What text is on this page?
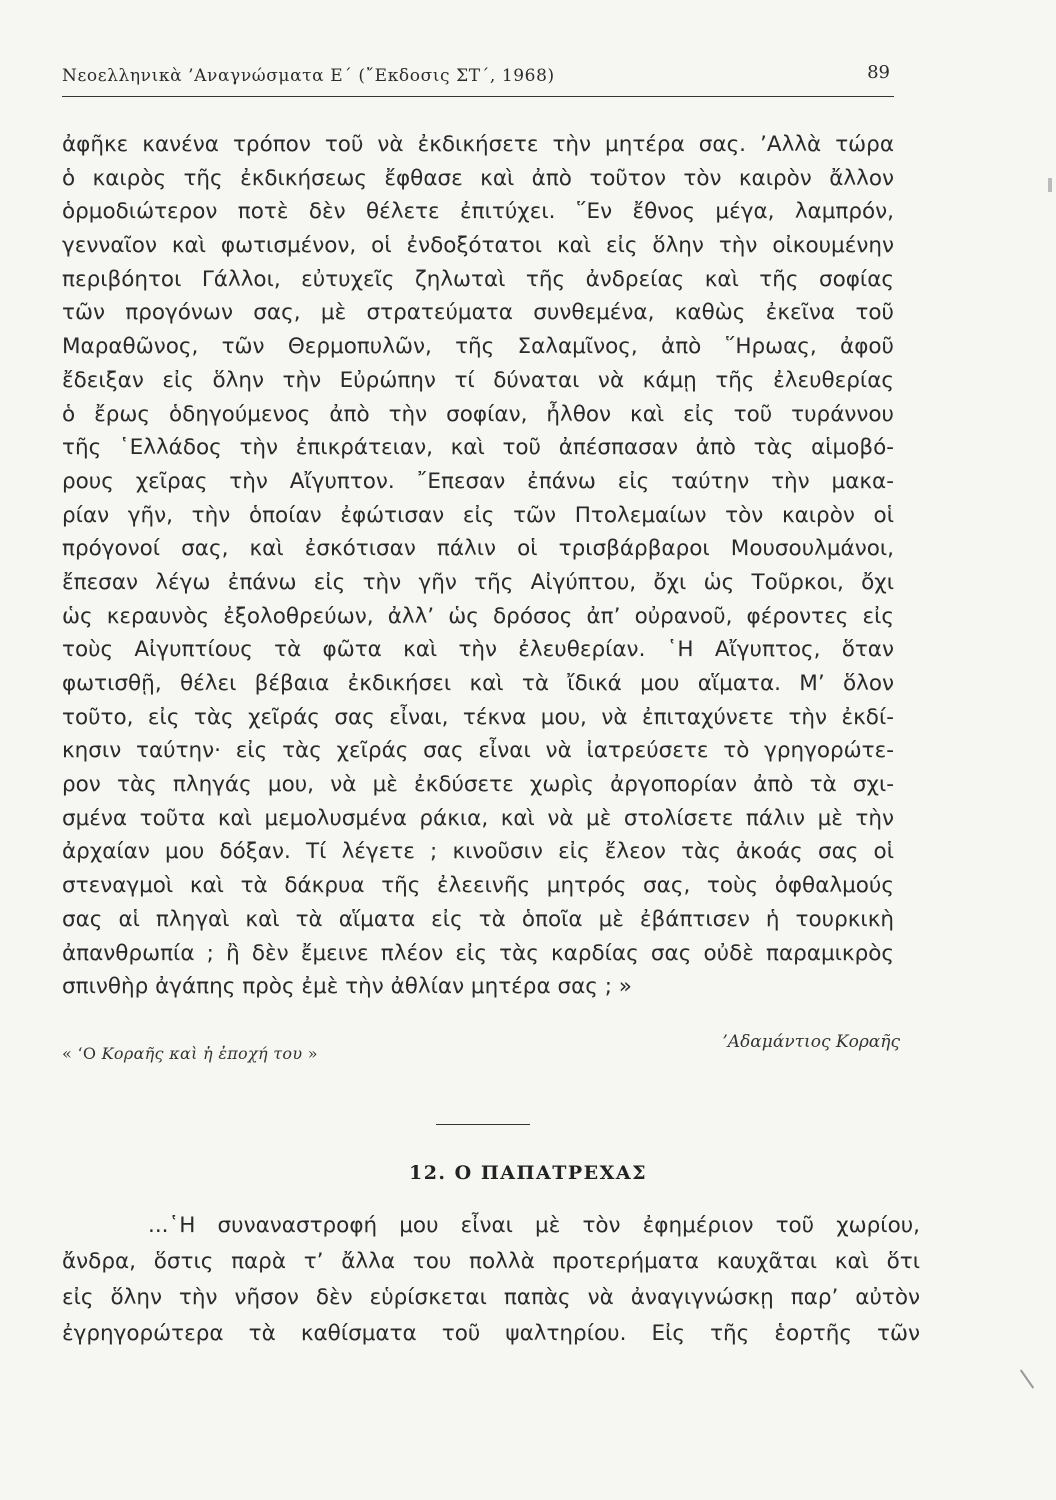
Νεοελληνικὰ ’Αναγνώσματα Ε΄ (῎Εκδοσις ΣΤ΄, 1968)	89
ἀφῆκε κανένα τρόπον τοῦ νὰ ἐκδικήσετε τὴν μητέρα σας. ’Αλλὰ τώρα
ὁ καιρὸς τῆς ἐκδικήσεως ἔφθασε καὶ ἀπὸ τοῦτον τὸν καιρὸν ἄλλον
ὁρμοδιώτερον ποτὲ δὲν θέλετε ἐπιτύχει. ῞Εν ἔθνος μέγα, λαμπρόν,
γενναῖον καὶ φωτισμένον, οἱ ἐνδοξότατοι καὶ εἰς ὅλην τὴν οἰκουμένην
περιβόητοι Γάλλοι, εὐτυχεῖς ζηλωταὶ τῆς ἀνδρείας καὶ τῆς σοφίας
τῶν προγόνων σας, μὲ στρατεύματα συνθεμένα, καθὼς ἐκεῖνα τοῦ
Μαραθῶνος, τῶν Θερμοπυλῶν, τῆς Σαλαμῖνος, ἀπὸ ῞Ηρωας, ἀφοῦ
ἔδειξαν εἰς ὅλην τὴν Εὐρώπην τί δύναται νὰ κάμῃ τῆς ἐλευθερίας
ὁ ἔρως ὁδηγούμενος ἀπὸ τὴν σοφίαν, ἦλθον καὶ εἰς τοῦ τυράννου
τῆς ῾Ελλάδος τὴν ἐπικράτειαν, καὶ τοῦ ἀπέσπασαν ἀπὸ τὰς αἱμοβό-
ρους χεῖρας τὴν Αἴγυπτον. ῎Επεσαν ἐπάνω εἰς ταύτην τὴν μακα-
ρίαν γῆν, τὴν ὁποίαν ἐφώτισαν εἰς τῶν Πτολεμαίων τὸν καιρὸν οἱ
πρόγονοί σας, καὶ ἐσκότισαν πάλιν οἱ τρισβάρβαροι Μουσουλμάνοι,
ἔπεσαν λέγω ἐπάνω εἰς τὴν γῆν τῆς Αἰγύπτου, ὄχι ὡς Τοῦρκοι, ὄχι
ὡς κεραυνὸς ἐξολοθρεύων, ἀλλ’ ὡς δρόσος ἀπ’ οὐρανοῦ, φέροντες εἰς
τοὺς Αἰγυπτίους τὰ φῶτα καὶ τὴν ἐλευθερίαν. ῾Η Αἴγυπτος, ὅταν
φωτισθῇ, θέλει βέβαια ἐκδικήσει καὶ τὰ ἴδικά μου αἵματα. Μ’ ὅλον
τοῦτο, εἰς τὰς χεῖράς σας εἶναι, τέκνα μου, νὰ ἐπιταχύνετε τὴν ἐκδί-
κησιν ταύτην· εἰς τὰς χεῖράς σας εἶναι νὰ ἰατρεύσετε τὸ γρηγορώτε-
ρον τὰς πληγάς μου, νὰ μὲ ἐκδύσετε χωρὶς ἀργοπορίαν ἀπὸ τὰ σχι-
σμένα τοῦτα καὶ μεμολυσμένα ράκια, καὶ νὰ μὲ στολίσετε πάλιν μὲ τὴν
ἀρχαίαν μου δόξαν. Τί λέγετε ; κινοῦσιν εἰς ἔλεον τὰς ἀκοάς σας οἱ
στεναγμοὶ καὶ τὰ δάκρυα τῆς ἐλεεινῆς μητρός σας, τοὺς ὀφθαλμούς
σας αἱ πληγαὶ καὶ τὰ αἵματα εἰς τὰ ὁποῖα μὲ ἐβάπτισεν ἡ τουρκικὴ
ἀπανθρωπία ; ἢ δὲν ἔμεινε πλέον εἰς τὰς καρδίας σας οὐδὲ παραμικρὸς
σπινθὴρ ἀγάπης πρὸς ἐμὲ τὴν ἀθλίαν μητέρα σας ; »
« ‘Ο Κοραῆς καὶ ἡ ἐποχή του »
’Αδαμάντιος Κοραῆς
12. Ο ΠΑΠΑΤΡΕΧΑΣ
...῾Η συναναστροφή μου εἶναι μὲ τὸν ἐφημέριον τοῦ χωρίου,
ἄνδρα, ὅστις παρὰ τ’ ἄλλα του πολλὰ προτερήματα καυχᾶται καὶ ὅτι
εἰς ὅλην τὴν νῆσον δὲν εὑρίσκεται παπὰς νὰ ἀναγιγνώσκῃ παρ’ αὐτὸν
ἐγρηγορώτερα τὰ καθίσματα τοῦ ψαλτηρίου. Εἰς τῆς ἑορτῆς τῶν
